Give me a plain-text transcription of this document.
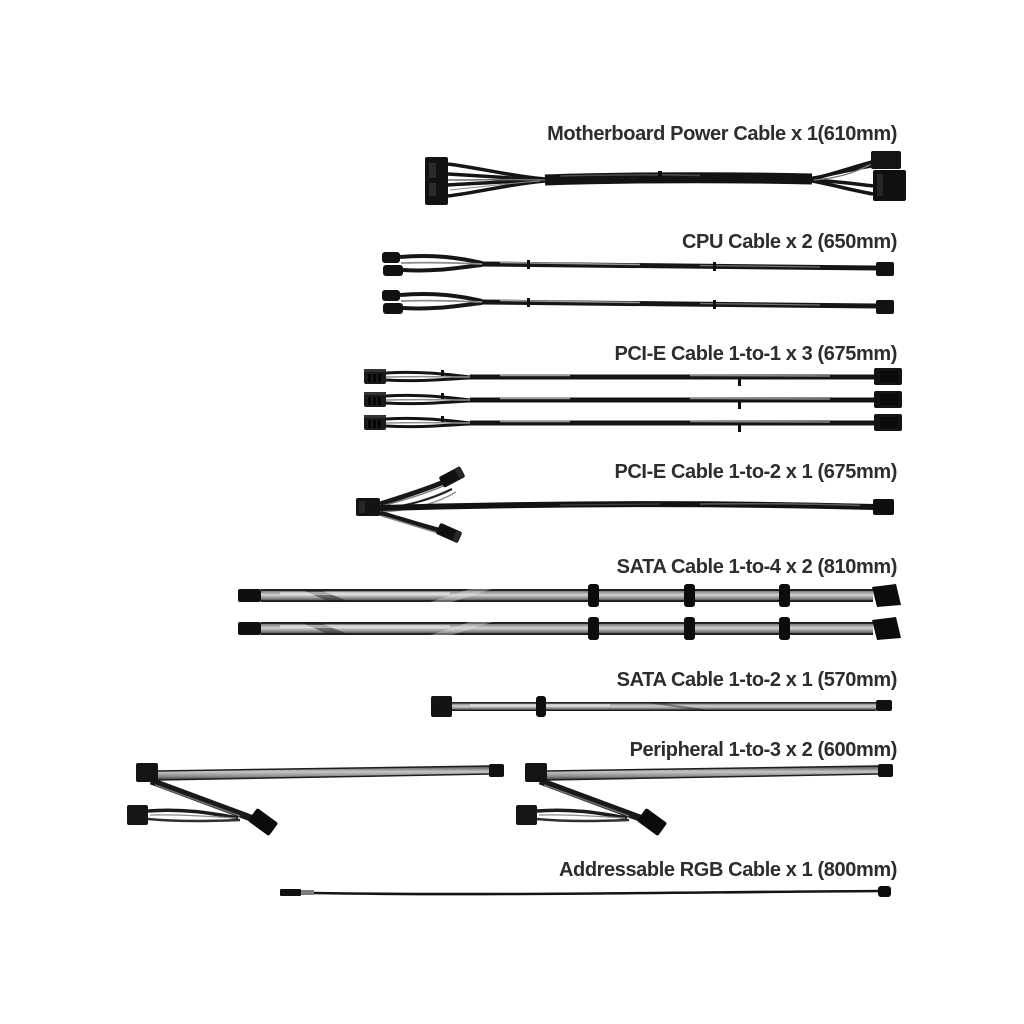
Motherboard Power Cable x 1(610mm)
CPU Cable x 2 (650mm)
PCI-E Cable 1-to-1 x 3 (675mm)
PCI-E Cable 1-to-2 x 1 (675mm)
SATA Cable 1-to-4 x 2 (810mm)
SATA Cable 1-to-2 x 1 (570mm)
Peripheral 1-to-3 x 2 (600mm)
Addressable RGB Cable x 1 (800mm)
